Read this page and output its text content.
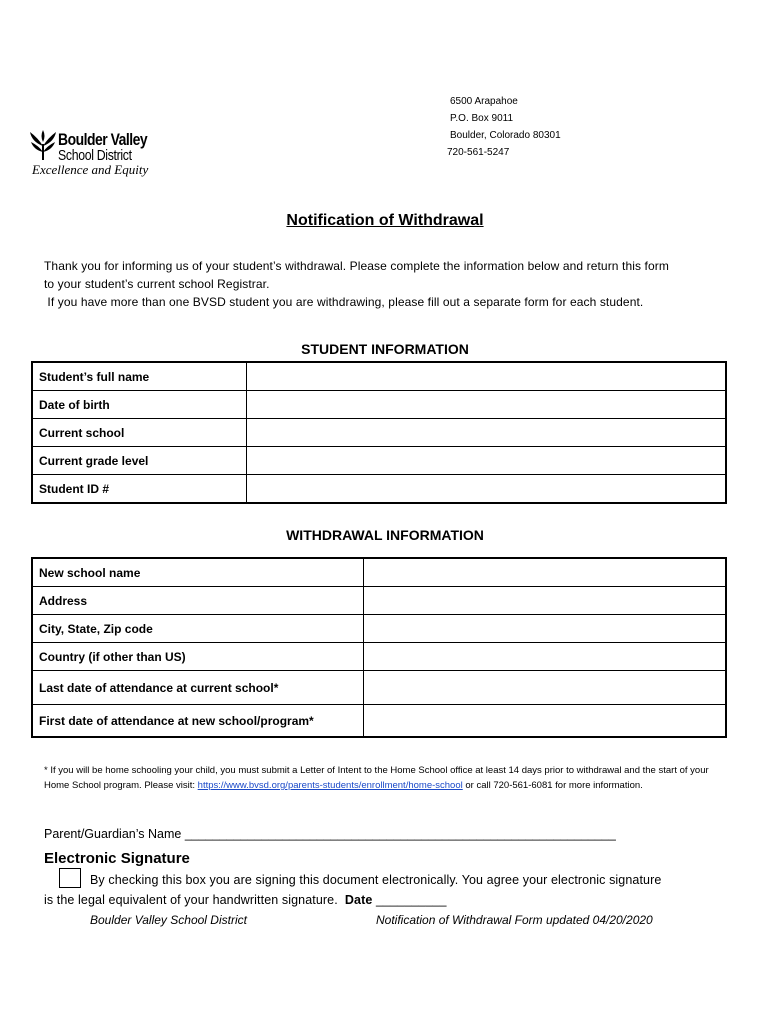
Boulder Valley
School District
Excellence and Equity
6500 Arapahoe
P.O. Box 9011
Boulder, Colorado 80301
720-561-5247
Notification of Withdrawal
Thank you for informing us of your student’s withdrawal. Please complete the information below and return this form
to your student’s current school Registrar.
If you have more than one BVSD student you are withdrawing, please fill out a separate form for each student.
STUDENT INFORMATION
Student’s full name	
Date of birth	
Current school	
Current grade level	
Student ID #	
WITHDRAWAL INFORMATION
New school name	
Address	
City, State, Zip code	
Country (if other than US)	
Last date of attendance at current school*	
First date of attendance at new school/program*	
* If you will be home schooling your child, you must submit a Letter of Intent to the Home School office at least 14 days prior to withdrawal and the start of your Home School program. Please visit: https://www.bvsd.org/parents-students/enrollment/home-school or call 720-561-6081 for more information.
Parent/Guardian’s Name ______________________________________________________________
Electronic Signature
By checking this box you are signing this document electronically. You agree your electronic signature
is the legal equivalent of your handwritten signature.  Date __________
Boulder Valley School District	Notification of Withdrawal Form updated 04/20/2020
